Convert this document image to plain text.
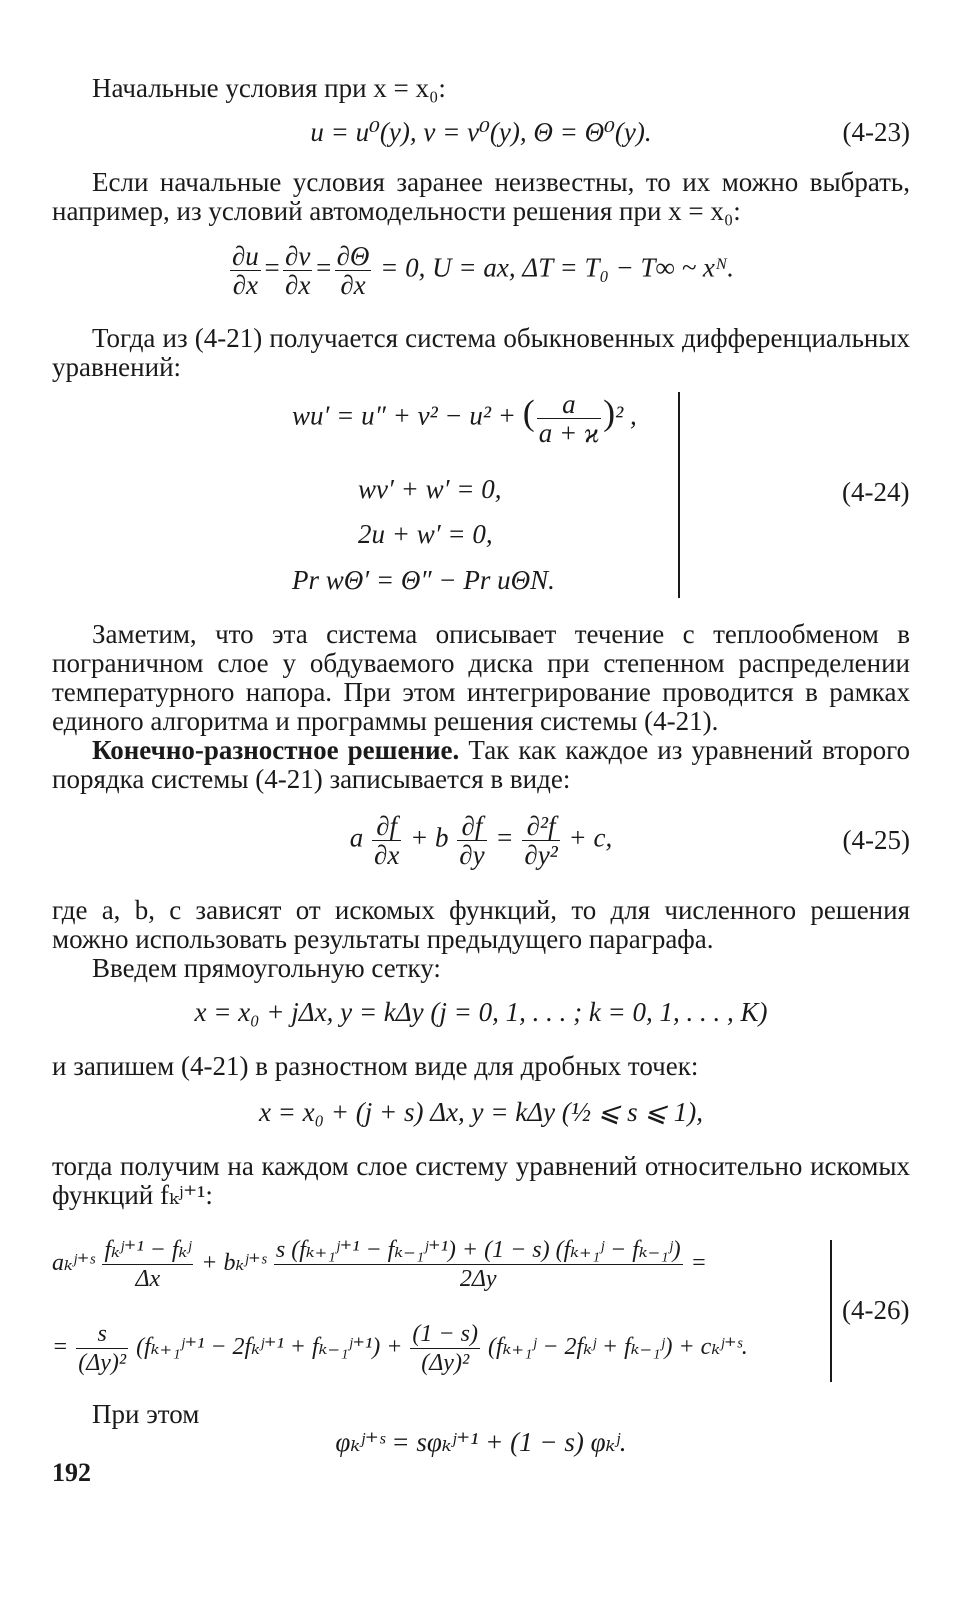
Начальные условия при x = x₀:
u = u⁰(y), v = v⁰(y), Θ = Θ⁰(y).	(4-23)
Если начальные условия заранее неизвестны, то их можно выбрать, например, из условий автомодельности решения при x = x₀:
$\frac{\partial u}{\partial x} = \frac{\partial v}{\partial x} = \frac{\partial\Theta}{\partial x} = 0$, U = ax, ΔT = T₀ − T∞ ~ xᴺ.
Тогда из (4-21) получается система обыкновенных дифференциальных уравнений:
wu′ = u″ + v² − u² + ( $\frac{a}{a + ϰ} )^2$ ,
wv′ + w′ = 0,
2u + w′ = 0,
Pr wΘ′ = Θ″ − Pr uΘN.
(4-24)
Заметим, что эта система описывает течение с теплообменом в пограничном слое у обдуваемого диска при степенном распределении температурного напора. При этом интегрирование проводится в рамках единого алгоритма и программы решения системы (4-21).
Конечно-разностное решение. Так как каждое из уравнений второго порядка системы (4-21) записывается в виде:
a $\frac{\partial f}{\partial x} + b \frac{\partial f}{\partial y} = \frac{\text{∂²f}}{\text{∂y²}} + c$,	(4-25)
где a, b, c зависят от искомых функций, то для численного решения можно использовать результаты предыдущего параграфа.
Введем прямоугольную сетку:
x = x₀ + jΔx, y = kΔy (j = 0, 1, . . . ; k = 0, 1, . . . , K)
и запишем (4-21) в разностном виде для дробных точек:
x = x₀ + (j + s) Δx, y = kΔy (½ ⩽ s ⩽ 1),
тогда получим на каждом слое систему уравнений относительно искомых функций fₖʲ⁺¹:
aₖʲ⁺ˢ $\frac{\text{fₖʲ⁺¹ − fₖʲ}}{\Delta x}$ + bₖʲ⁺ˢ $\frac{\text{s (fₖ₊₁ʲ⁺¹ − fₖ₋₁ʲ⁺¹) + (1 − s) (fₖ₊₁ʲ − fₖ₋₁ʲ)}}{2\Delta y}$ =
= $\frac{s}{\text{(Δy)²}}$ (fₖ₊₁ʲ⁺¹ − 2fₖʲ⁺¹ + fₖ₋₁ʲ⁺¹) + $\frac{(1 - s)}{\text{(Δy)²}}$ (fₖ₊₁ʲ − 2fₖʲ + fₖ₋₁ʲ) + cₖʲ⁺ˢ.
(4-26)
При этом
φₖʲ⁺ˢ = sφₖʲ⁺¹ + (1 − s) φₖʲ.
192
